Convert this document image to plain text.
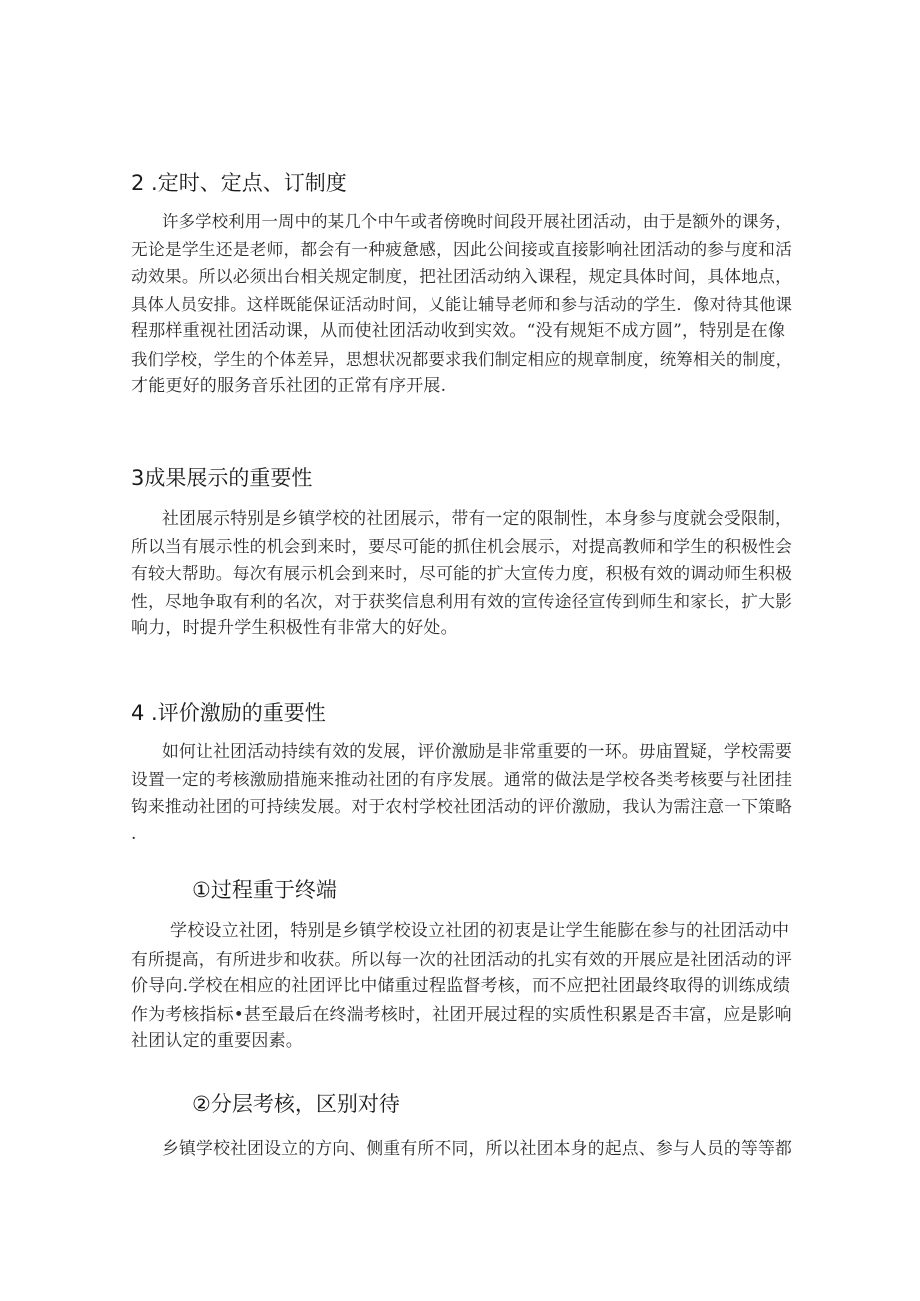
2 .定时、定点、订制度
许多学校利用一周中的某几个中午或者傍晚时间段开展社团活动，由于是额外的课务，
无论是学生还是老师，都会有一种疲惫感，因此公间接或直接影响社团活动的参与度和活
动效果。所以必须出台相关规定制度，把社团活动纳入课程，规定具体时间，具体地点，
具体人员安排。这样既能保证活动时间，乂能让辅导老师和参与活动的学生．像对待其他课
程那样重视社团活动课，从而使社团活动收到实效。“没有规矩不成方圆”，特别是在像
我们学校，学生的个体差异，思想状况都要求我们制定相应的规章制度，统筹相关的制度，
才能更好的服务音乐社团的正常有序开展.
3成果展示的重要性
社团展示特别是乡镇学校的社团展示，带有一定的限制性，本身参与度就会受限制，
所以当有展示性的机会到来时，要尽可能的抓住机会展示，对提高教师和学生的积极性会
有较大帮助。每次有展示机会到来时，尽可能的扩大宣传力度，积极有效的调动师生积极
性，尽地争取有利的名次，对于获奖信息利用有效的宣传途径宣传到师生和家长，扩大影
响力，时提升学生积极性有非常大的好处。
4 .评价激励的重要性
如何让社团活动持续有效的发展，评价激励是非常重要的一环。毋庙置疑，学校需要
设置一定的考核激励措施来推动社团的有序发展。通常的做法是学校各类考核要与社团挂
钩来推动社团的可持续发展。对于农村学校社团活动的评价激励，我认为需注意一下策略
.
①过程重于终端
学校设立社团，特别是乡镇学校设立社团的初衷是让学生能膨在参与的社团活动中
有所提高，有所进步和收获。所以每一次的社团活动的扎实有效的开展应是社团活动的评
价导向.学校在相应的社团评比中储重过程监督考核，而不应把社团最终取得的训练成绩
作为考核指标•甚至最后在终湍考核时，社团开展过程的实质性积累是否丰富，应是影响
社团认定的重要因素。
②分层考核，区别对待
乡镇学校社团设立的方向、侧重有所不同，所以社团本身的起点、参与人员的等等都
